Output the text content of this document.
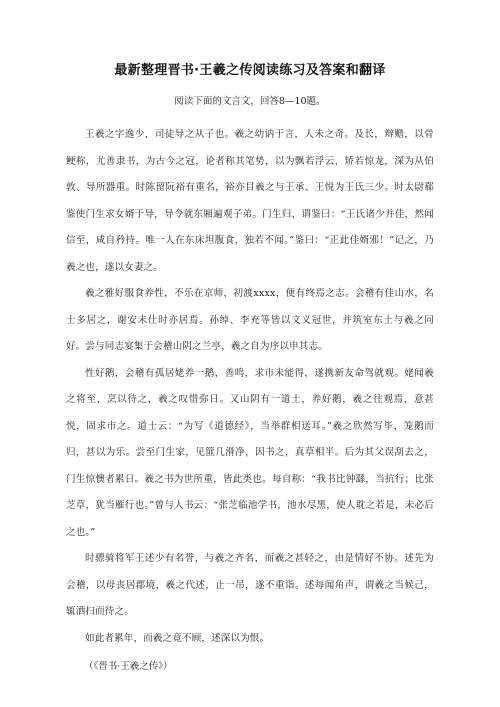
最新整理晋书·王羲之传阅读练习及答案和翻译

阅读下面的文言文，回答8—10题。

王羲之字逸少，司徒导之从子也。羲之幼讷于言，人未之奇。及长，辩赡，以骨鲠称，尤善隶书，为古今之冠，论者称其笔势，以为飘若浮云，矫若惊龙，深为从伯敦、导所器重。时陈留阮裕有重名，裕亦目羲之与王承、王悦为王氏三少。时太尉郗鉴使门生求女婿于导，导令就东厢遍观子弟。门生归，谓鉴曰：“王氏诸少并佳，然闻信至，咸自矜持。唯一人在东床坦腹食，独若不闻。”鉴曰：“正此佳婿邪！”记之，乃羲之也，遂以女妻之。

羲之雅好服食养性，不乐在京师，初渡xxxx，便有终焉之志。会稽有佳山水，名士多居之，谢安未仕时亦居焉。孙绰、李充等皆以文义冠世，并筑室东土与羲之同好。尝与同志宴集于会稽山阴之兰亭，羲之自为序以申其志。

性好鹅，会稽有孤居姥养一鹅，善鸣，求市未能得，遂携新友命驾就观。姥闻羲之将至，烹以待之，羲之叹惜弥日。又山阴有一道士，养好鹅，羲之往观焉，意甚悦，固求市之。道士云：“为写《道德经》，当举群相送耳。”羲之欣然写毕，笼鹅而归，甚以为乐。尝至门生家，见篚几滑净，因书之，真草相半。后为其父误刮去之，门生惊懊者累日。羲之书为世所重，皆此类也。每自称：“我书比钟繇，当抗行；比张芝草，犹当雁行也。”曾与人书云：“张芝临池学书，池水尽黑，使人耽之若是，未必后之也。”

时骠骑将军王述少有名誉，与羲之齐名，而羲之甚轻之，由是情好不协。述先为会稽，以母丧居郡境，羲之代述，止一吊，遂不重诣。述每闻角声，谓羲之当候己，辄洒扫而待之。

如此者累年，而羲之竟不顾，述深以为恨。

（《晋书·王羲之传》）
